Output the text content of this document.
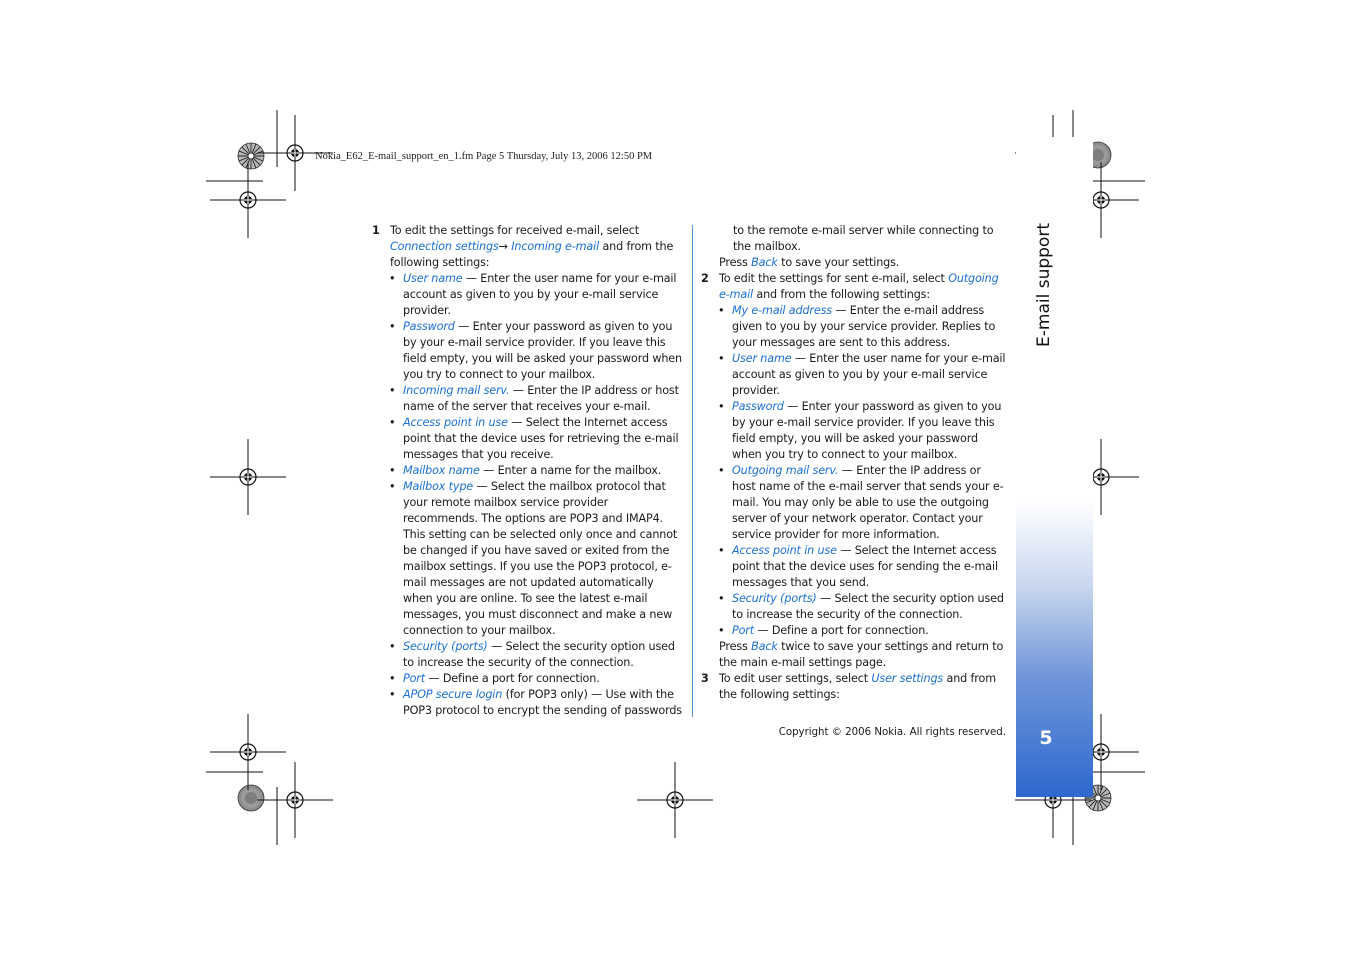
Nokia_E62_E-mail_support_en_1.fm Page 5 Thursday, July 13, 2006 12:50 PM
E-mail support
5
1 To edit the settings for received e-mail, select Connection settings→ Incoming e-mail and from the following settings:
• User name — Enter the user name for your e-mail account as given to you by your e-mail service provider.
• Password — Enter your password as given to you by your e-mail service provider. If you leave this field empty, you will be asked your password when you try to connect to your mailbox.
• Incoming mail serv. — Enter the IP address or host name of the server that receives your e-mail.
• Access point in use — Select the Internet access point that the device uses for retrieving the e-mail messages that you receive.
• Mailbox name — Enter a name for the mailbox.
• Mailbox type — Select the mailbox protocol that your remote mailbox service provider recommends. The options are POP3 and IMAP4. This setting can be selected only once and cannot be changed if you have saved or exited from the mailbox settings. If you use the POP3 protocol, e-mail messages are not updated automatically when you are online. To see the latest e-mail messages, you must disconnect and make a new connection to your mailbox.
• Security (ports) — Select the security option used to increase the security of the connection.
• Port — Define a port for connection.
• APOP secure login (for POP3 only) — Use with the POP3 protocol to encrypt the sending of passwords
to the remote e-mail server while connecting to the mailbox.
Press Back to save your settings.
2 To edit the settings for sent e-mail, select Outgoing e-mail and from the following settings:
• My e-mail address — Enter the e-mail address given to you by your service provider. Replies to your messages are sent to this address.
• User name — Enter the user name for your e-mail account as given to you by your e-mail service provider.
• Password — Enter your password as given to you by your e-mail service provider. If you leave this field empty, you will be asked your password when you try to connect to your mailbox.
• Outgoing mail serv. — Enter the IP address or host name of the e-mail server that sends your e-mail. You may only be able to use the outgoing server of your network operator. Contact your service provider for more information.
• Access point in use — Select the Internet access point that the device uses for sending the e-mail messages that you send.
• Security (ports) — Select the security option used to increase the security of the connection.
• Port — Define a port for connection.
Press Back twice to save your settings and return to the main e-mail settings page.
3 To edit user settings, select User settings and from the following settings:
Copyright © 2006 Nokia. All rights reserved.
